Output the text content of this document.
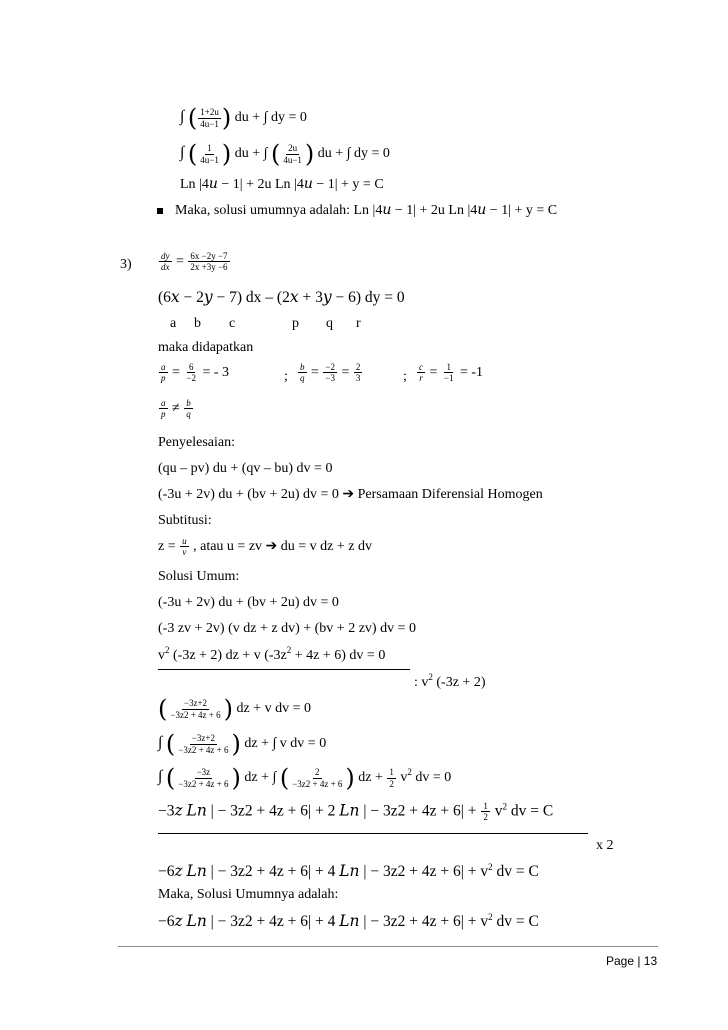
∫ ( $\frac{1+2u}{4u-1}$ ) du + ∫ dy = 0
∫ ( $\frac{1}{4u-1}$ ) du + ∫ ( $\frac{2u}{4u-1}$ ) du + ∫ dy = 0
Ln |4𝑢 − 1| + 2u Ln |4𝑢 − 1| + y = C
Maka, solusi umumnya adalah: Ln |4𝑢 − 1| + 2u Ln |4𝑢 − 1| + y = C
3)	$\frac{dy}{dx} = \frac{6x -2y -7}{2x +3y -6}$
(6𝑥 − 2𝑦 − 7) dx – (2𝑥 + 3𝑦 − 6) dy = 0
a b c	p q r
maka didapatkan
$\frac{a}{p} = \frac{6}{-2}$ = - 3	; $\frac{b}{q} = \frac{-2}{-3} = \frac{2}{3}$	; $\frac{c}{r} = \frac{1}{-1} = -1$
$\frac{a}{p} \ne \frac{b}{q}$
Penyelesaian:
(qu – pv) du + (qv – bu) dv = 0
(-3u + 2v) du + (bv + 2u) dv = 0 ➔ Persamaan Diferensial Homogen
Subtitusi:
$z = \frac{u}{v}$ , atau u = zv ➔ du = v dz + z dv
Solusi Umum:
(-3u + 2v) du + (bv + 2u) dv = 0
(-3 zv + 2v) (v dz + z dv) + (bv + 2 zv) dv = 0
$v^2$ (-3z + 2) dz + v $(-3z^2 + 4z + 6)$ dv = 0
: $v^2$ (-3z + 2)
( $\frac{-3z+2}{-3z2 + 4z + 6}$ ) dz + v dv = 0
∫ ( $\frac{-3z+2}{-3z2 + 4z + 6}$ ) dz + ∫ v dv = 0
∫ ( $\frac{-3z}{-3z2 + 4z + 6}$ ) dz + ∫ ( $\frac{2}{-3z2 + 4z + 6}$ ) dz + $\frac{1}{2} v^2$ dv = 0
−3𝑧 𝐿𝑛 | − 3z2 + 4z + 6| + 2 𝐿𝑛 | − $3z2 + 4z + 6| + \frac{1}{2} v^2$ dv = C
x 2
−6𝑧 𝐿𝑛 | − 3z2 + 4z + 6| + 4 𝐿𝑛 | − $3z2 + 4z + 6| + v^2$ dv = C
Maka, Solusi Umumnya adalah:
−6𝑧 𝐿𝑛 | − 3z2 + 4z + 6| + 4 𝐿𝑛 | − $3z2 + 4z + 6| + v^2$ dv = C
Page | 13
